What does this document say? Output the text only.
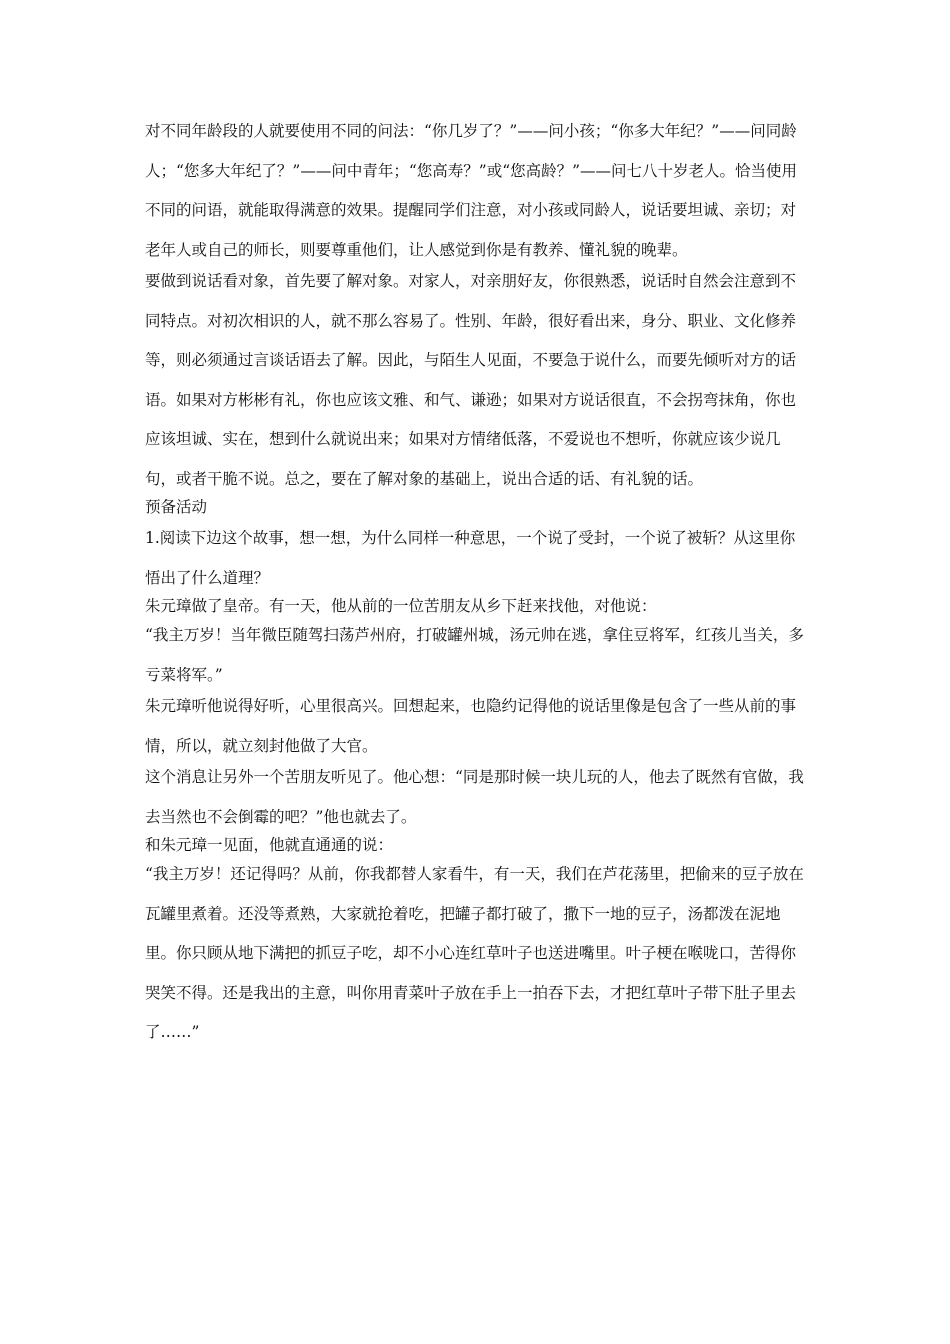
对不同年龄段的人就要使用不同的问法：“你几岁了？”——问小孩；“你多大年纪？”——问同龄人；“您多大年纪了？”——问中青年；“您高寿？”或“您高龄？”——问七八十岁老人。恰当使用不同的问语，就能取得满意的效果。提醒同学们注意，对小孩或同龄人，说话要坦诚、亲切；对老年人或自己的师长，则要尊重他们，让人感觉到你是有教养、懂礼貌的晚辈。

要做到说话看对象，首先要了解对象。对家人，对亲朋好友，你很熟悉，说话时自然会注意到不同特点。对初次相识的人，就不那么容易了。性别、年龄，很好看出来，身分、职业、文化修养等，则必须通过言谈话语去了解。因此，与陌生人见面，不要急于说什么，而要先倾听对方的话语。如果对方彬彬有礼，你也应该文雅、和气、谦逊；如果对方说话很直，不会拐弯抹角，你也应该坦诚、实在，想到什么就说出来；如果对方情绪低落，不爱说也不想听，你就应该少说几句，或者干脆不说。总之，要在了解对象的基础上，说出合适的话、有礼貌的话。

预备活动

1.阅读下边这个故事，想一想，为什么同样一种意思，一个说了受封，一个说了被斩？从这里你悟出了什么道理？

朱元璋做了皇帝。有一天，他从前的一位苦朋友从乡下赶来找他，对他说：

“我主万岁！当年微臣随驾扫荡芦州府，打破罐州城，汤元帅在逃，拿住豆将军，红孩儿当关，多亏菜将军。”

朱元璋听他说得好听，心里很高兴。回想起来，也隐约记得他的说话里像是包含了一些从前的事情，所以，就立刻封他做了大官。

这个消息让另外一个苦朋友听见了。他心想：“同是那时候一块儿玩的人，他去了既然有官做，我去当然也不会倒霉的吧？”他也就去了。

和朱元璋一见面，他就直通通的说：

“我主万岁！还记得吗？从前，你我都替人家看牛，有一天，我们在芦花荡里，把偷来的豆子放在瓦罐里煮着。还没等煮熟，大家就抢着吃，把罐子都打破了，撒下一地的豆子，汤都泼在泥地里。你只顾从地下满把的抓豆子吃，却不小心连红草叶子也送进嘴里。叶子梗在喉咙口，苦得你哭笑不得。还是我出的主意，叫你用青菜叶子放在手上一拍吞下去，才把红草叶子带下肚子里去了……”
